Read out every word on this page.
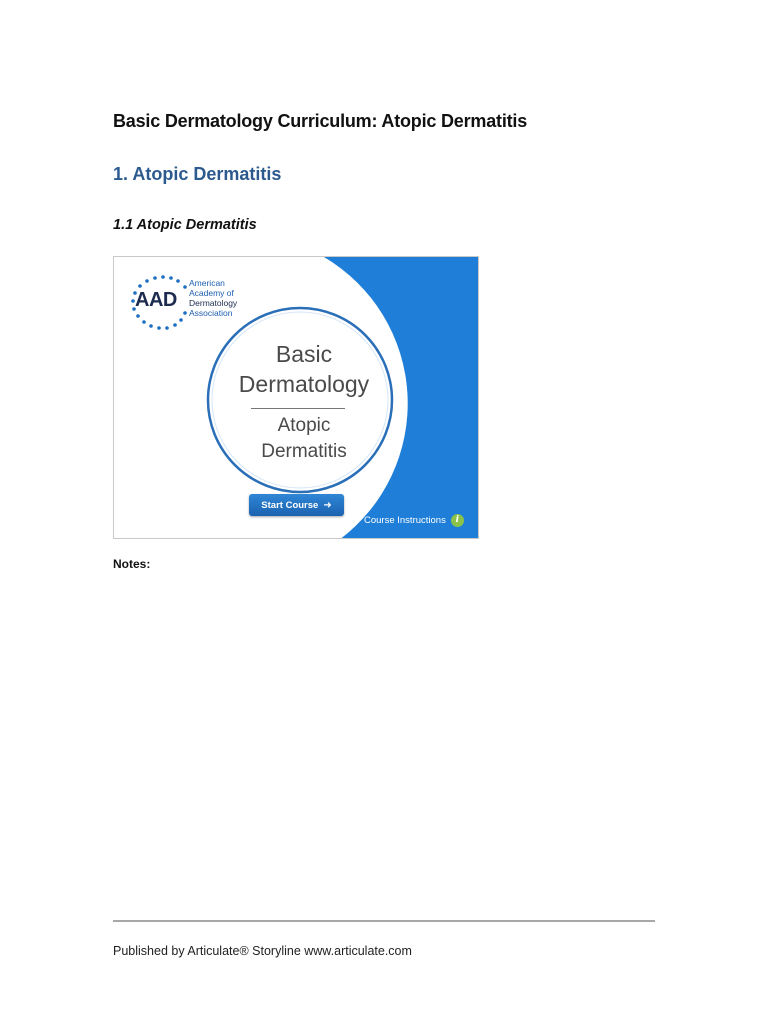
Basic Dermatology Curriculum: Atopic Dermatitis
1. Atopic Dermatitis
1.1 Atopic Dermatitis
AAD
American
Academy of
Dermatology
Association
Basic
Dermatology
Atopic
Dermatitis
Start Course ➜
Course Instructions	i
Notes:
Published by Articulate® Storyline www.articulate.com
